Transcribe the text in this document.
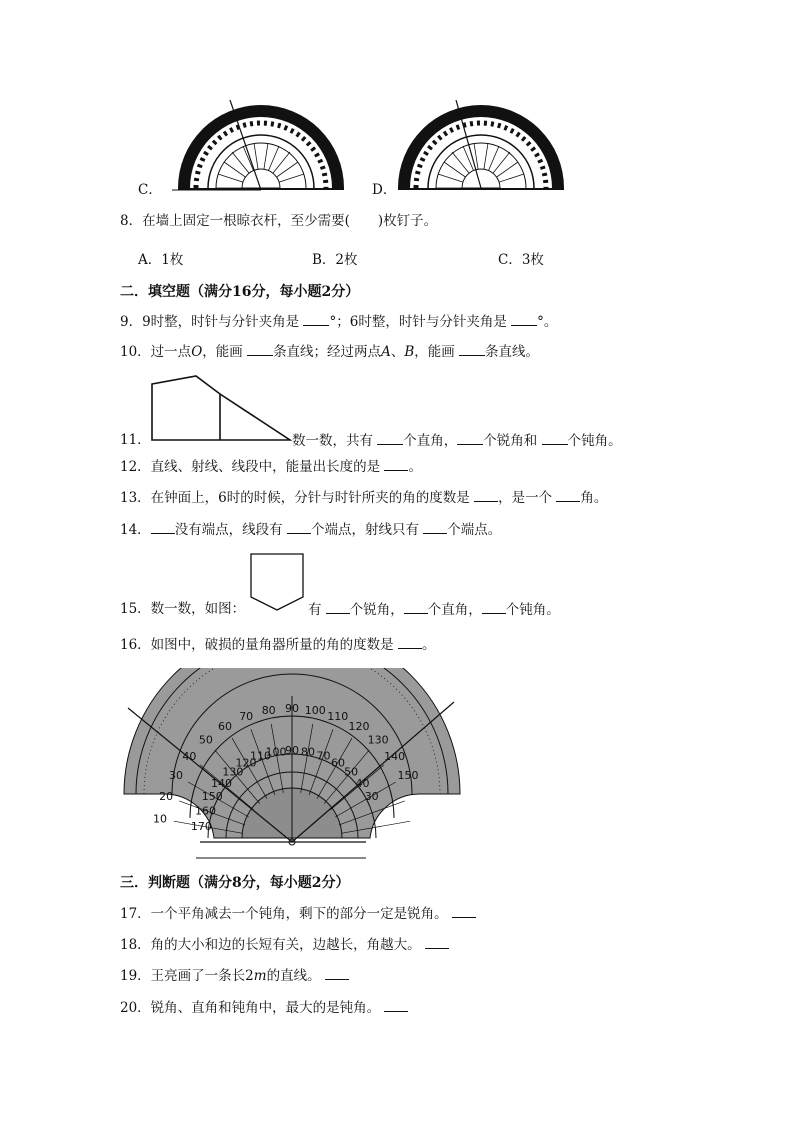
C．	D．
8．在墙上固定一根晾衣杆，至少需要( )枚钉子。
A．1枚	B．2枚	C．3枚
二．填空题（满分16分，每小题2分）
9．9时整，时针与分针夹角是 °；6时整，时针与分针夹角是 °。
10．过一点O，能画 条直线；经过两点A、B，能画 条直线。
11．	数一数，共有 个直角， 个锐角和 个钝角。
12．直线、射线、线段中，能量出长度的是 。
13．在钟面上，6时的时候，分针与时针所夹的角的度数是 ，是一个 角。
14． 没有端点，线段有 个端点，射线只有 个端点。
15．数一数，如图：	有 个锐角， 个直角， 个钝角。
16．如图中，破损的量角器所量的角的度数是 。
10
20
30
40
50
60
70 80 90 100 110
120
130
140
150
170
160
150
140
130
120
110
100
90 80 70
60
50
40
30
三．判断题（满分8分，每小题2分）
17．一个平角减去一个钝角，剩下的部分一定是锐角。
18．角的大小和边的长短有关，边越长，角越大。
19．王亮画了一条长2m的直线。
20．锐角、直角和钝角中，最大的是钝角。
